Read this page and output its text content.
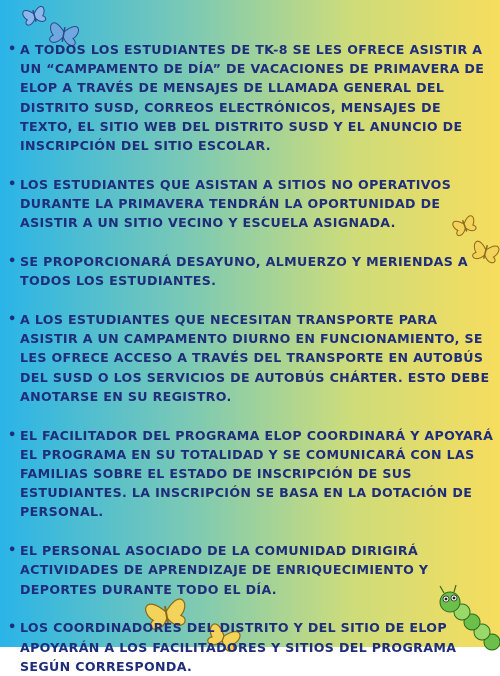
• A TODOS LOS ESTUDIANTES DE TK-8 SE LES OFRECE ASISTIR A UN “CAMPAMENTO DE DÍA” DE VACACIONES DE PRIMAVERA DE ELOP A TRAVÉS DE MENSAJES DE LLAMADA GENERAL DEL DISTRITO SUSD, CORREOS ELECTRÓNICOS, MENSAJES DE TEXTO, EL SITIO WEB DEL DISTRITO SUSD Y EL ANUNCIO DE INSCRIPCIÓN DEL SITIO ESCOLAR.
• LOS ESTUDIANTES QUE ASISTAN A SITIOS NO OPERATIVOS DURANTE LA PRIMAVERA TENDRÁN LA OPORTUNIDAD DE ASISTIR A UN SITIO VECINO Y ESCUELA ASIGNADA.
• SE PROPORCIONARÁ DESAYUNO, ALMUERZO Y MERIENDAS A TODOS LOS ESTUDIANTES.
• A LOS ESTUDIANTES QUE NECESITAN TRANSPORTE PARA ASISTIR A UN CAMPAMENTO DIURNO EN FUNCIONAMIENTO, SE LES OFRECE ACCESO A TRAVÉS DEL TRANSPORTE EN AUTOBÚS DEL SUSD O LOS SERVICIOS DE AUTOBÚS CHÁRTER. ESTO DEBE ANOTARSE EN SU REGISTRO.
• EL FACILITADOR DEL PROGRAMA ELOP COORDINARÁ Y APOYARÁ EL PROGRAMA EN SU TOTALIDAD Y SE COMUNICARÁ CON LAS FAMILIAS SOBRE EL ESTADO DE INSCRIPCIÓN DE SUS ESTUDIANTES. LA INSCRIPCIÓN SE BASA EN LA DOTACIÓN DE PERSONAL.
• EL PERSONAL ASOCIADO DE LA COMUNIDAD DIRIGIRÁ ACTIVIDADES DE APRENDIZAJE DE ENRIQUECIMIENTO Y DEPORTES DURANTE TODO EL DÍA.
• LOS COORDINADORES DEL DISTRITO Y DEL SITIO DE ELOP APOYARÁN A LOS FACILITADORES Y SITIOS DEL PROGRAMA SEGÚN CORRESPONDA.
